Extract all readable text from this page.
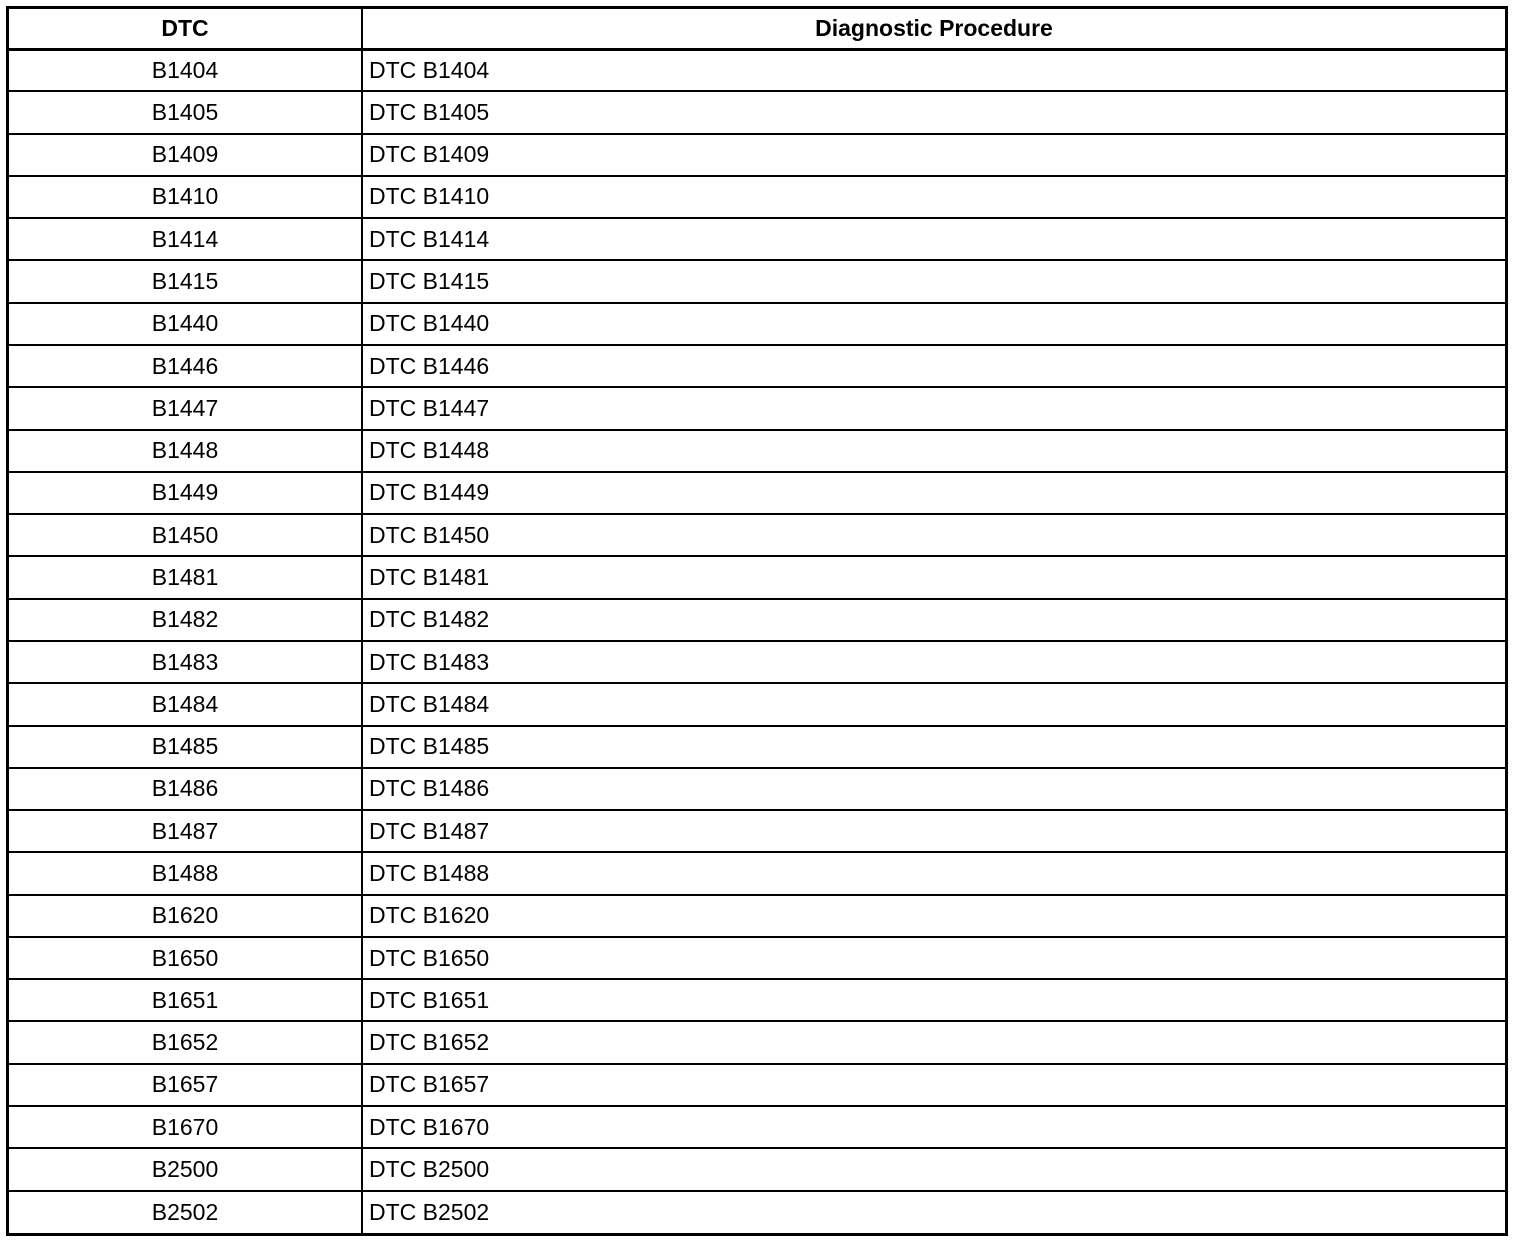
DTC	Diagnostic Procedure
B1404	DTC B1404
B1405	DTC B1405
B1409	DTC B1409
B1410	DTC B1410
B1414	DTC B1414
B1415	DTC B1415
B1440	DTC B1440
B1446	DTC B1446
B1447	DTC B1447
B1448	DTC B1448
B1449	DTC B1449
B1450	DTC B1450
B1481	DTC B1481
B1482	DTC B1482
B1483	DTC B1483
B1484	DTC B1484
B1485	DTC B1485
B1486	DTC B1486
B1487	DTC B1487
B1488	DTC B1488
B1620	DTC B1620
B1650	DTC B1650
B1651	DTC B1651
B1652	DTC B1652
B1657	DTC B1657
B1670	DTC B1670
B2500	DTC B2500
B2502	DTC B2502
